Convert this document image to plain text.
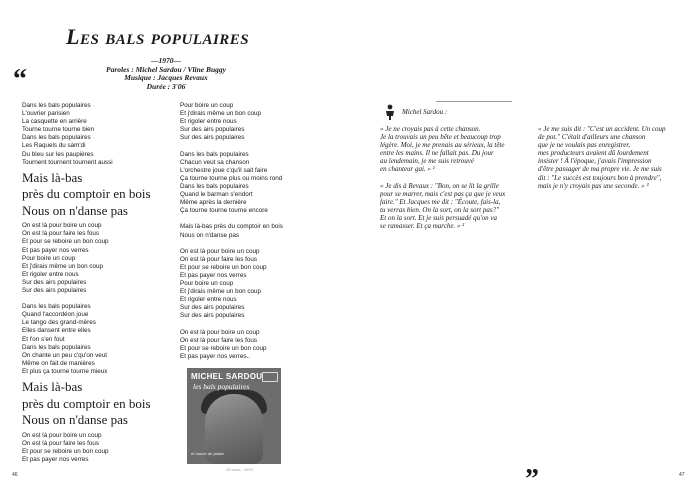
Les bals populaires
—1970—
Paroles : Michel Sardou / Vline Buggy
Musique : Jacques Revaux
Durée : 3'06
“
”
Dans les bals populaires
L'ouvrier parisien
La casquette en arrière
Tourne tourne tourne bien
Dans les bals populaires
Les Raquels du sam'di
Du bleu sur les paupières
Tournent tournent tournent aussi
Mais là-bas
près du comptoir en bois
Nous on n'danse pas
On est là pour boire un coup
On est là pour faire les fous
Et pour se reboire un bon coup
Et pas payer nos verres
Pour boire un coup
Et j'dirais même un bon coup
Et rigoler entre nous
Sur des airs populaires
Sur des airs populaires
Dans les bals populaires
Quand l'accordéon joue
Le tango des grand-mères
Elles dansent entre elles
Et l'on s'en fout
Dans les bals populaires
On chante un peu c'qu'on veut
Même on fait de manières
Et plus ça tourne tourne mieux
Mais là-bas
près du comptoir en bois
Nous on n'danse pas
On est là pour boire un coup
On est là pour faire les fous
Et pour se reboire un bon coup
Et pas payer nos verres
Pour boire un coup
Et j'dirais même un bon coup
Et rigoler entre nous
Sur des airs populaires
Sur des airs populaires
Dans les bals populaires
Chacun veut sa chanson
L'orchestre joue c'qu'il sait faire
Ça tourne tourne plus ou moins rond
Dans les bals populaires
Quand le barman s'endort
Même après la dernière
Ça tourne tourne tourne encore
Mais là-bas près du comptoir en bois
Nous on n'danse pas
On est là pour boire un coup
On est là pour faire les fous
Et pour se reboire un bon coup
Et pas payer nos verres
Pour boire un coup
Et j'dirais même un bon coup
Et rigoler entre nous
Sur des airs populaires
Sur des airs populaires
On est là pour boire un coup
On est là pour faire les fous
Et pour se reboire un bon coup
Et pas payer nos verres..
MICHEL SARDOU
les bals populaires
et mourir de plaisir
45 tours · 1970
46	47
Michel Sardou :
« Je ne croyais pas à cette chanson.
Je la trouvais un peu bête et beaucoup trop
légère. Moi, je me prenais au sérieux, la tête
entre les mains. Il ne fallait pas. Du jour
au lendemain, je me suis retrouvé
en chanteur gai. » ¹
« Je dis à Revaux : "Bon, on se lit la grille
pour se marrer, mais c'est pas ça que je veux
faire." Et Jacques me dit : "Écoute, fais-la,
tu verras bien. On la sort, on la sort pas?"
Et on la sort. Et je suis persuadé qu'on va
se ramasser. Et ça marche. » ²
« Je me suis dit : "C'est un accident. Un coup
de pot." C'était d'ailleurs une chanson
que je ne voulais pas enregistrer,
mes producteurs avaient dû lourdement
insister ! À l'époque, j'avais l'impression
d'être passager de ma propre vie. Je me suis
dit : "Le succès est toujours bon à prendre",
mais je n'y croyais pas une seconde. » ³
